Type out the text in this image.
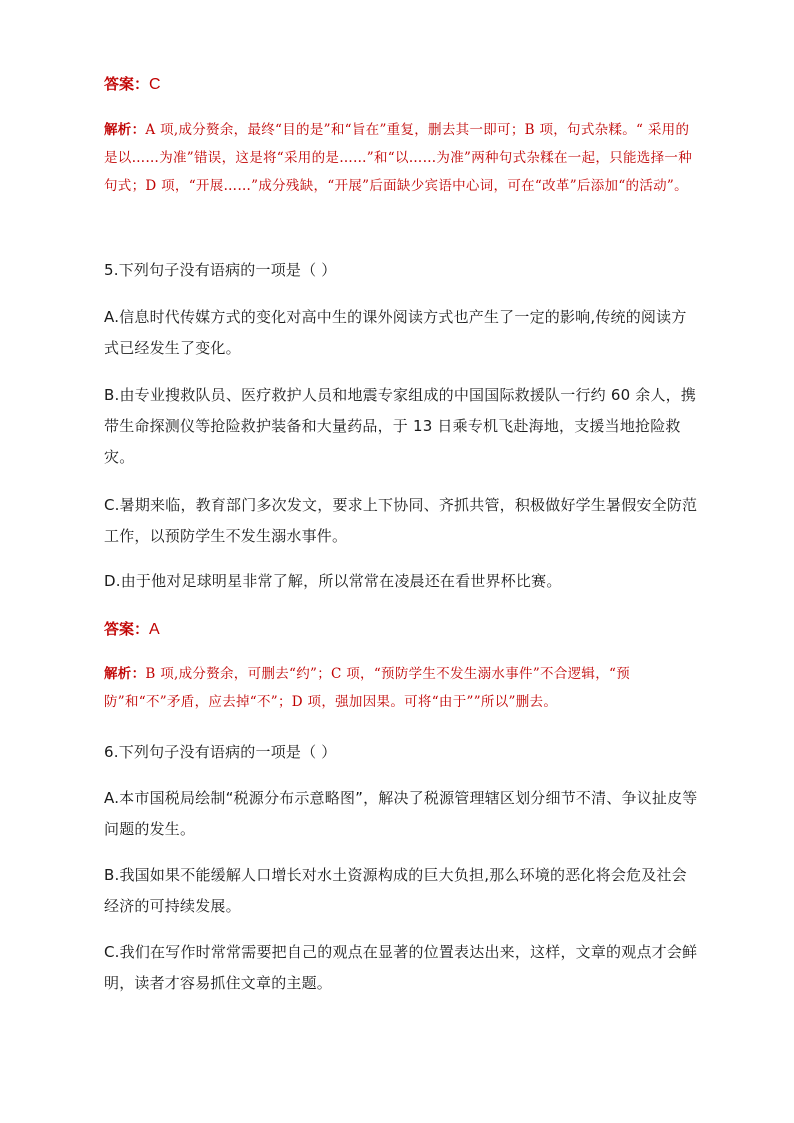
答案：C

解析：A 项,成分赘余，最终“目的是”和“旨在”重复，删去其一即可；B 项，句式杂糅。“ 采用的是以……为准”错误，这是将“采用的是……”和“以……为准”两种句式杂糅在一起，只能选择一种句式；D 项，“开展……”成分残缺，“开展”后面缺少宾语中心词，可在“改革”后添加“的活动”。

5.下列句子没有语病的一项是（ ）

A.信息时代传媒方式的变化对高中生的课外阅读方式也产生了一定的影响,传统的阅读方式已经发生了变化。

B.由专业搜救队员、医疗救护人员和地震专家组成的中国国际救援队一行约 60 余人，携带生命探测仪等抢险救护装备和大量药品，于 13 日乘专机飞赴海地，支援当地抢险救灾。

C.暑期来临，教育部门多次发文，要求上下协同、齐抓共管，积极做好学生暑假安全防范工作，以预防学生不发生溺水事件。

D.由于他对足球明星非常了解，所以常常在凌晨还在看世界杯比赛。

答案：A

解析：B 项,成分赘余，可删去“约”；C 项，“预防学生不发生溺水事件”不合逻辑，“预防”和“不”矛盾，应去掉“不”；D 项，强加因果。可将“由于””所以”删去。

6.下列句子没有语病的一项是（ ）

A.本市国税局绘制“税源分布示意略图”，解决了税源管理辖区划分细节不清、争议扯皮等问题的发生。

B.我国如果不能缓解人口增长对水土资源构成的巨大负担,那么环境的恶化将会危及社会经济的可持续发展。

C.我们在写作时常常需要把自己的观点在显著的位置表达出来，这样，文章的观点才会鲜明，读者才容易抓住文章的主题。
